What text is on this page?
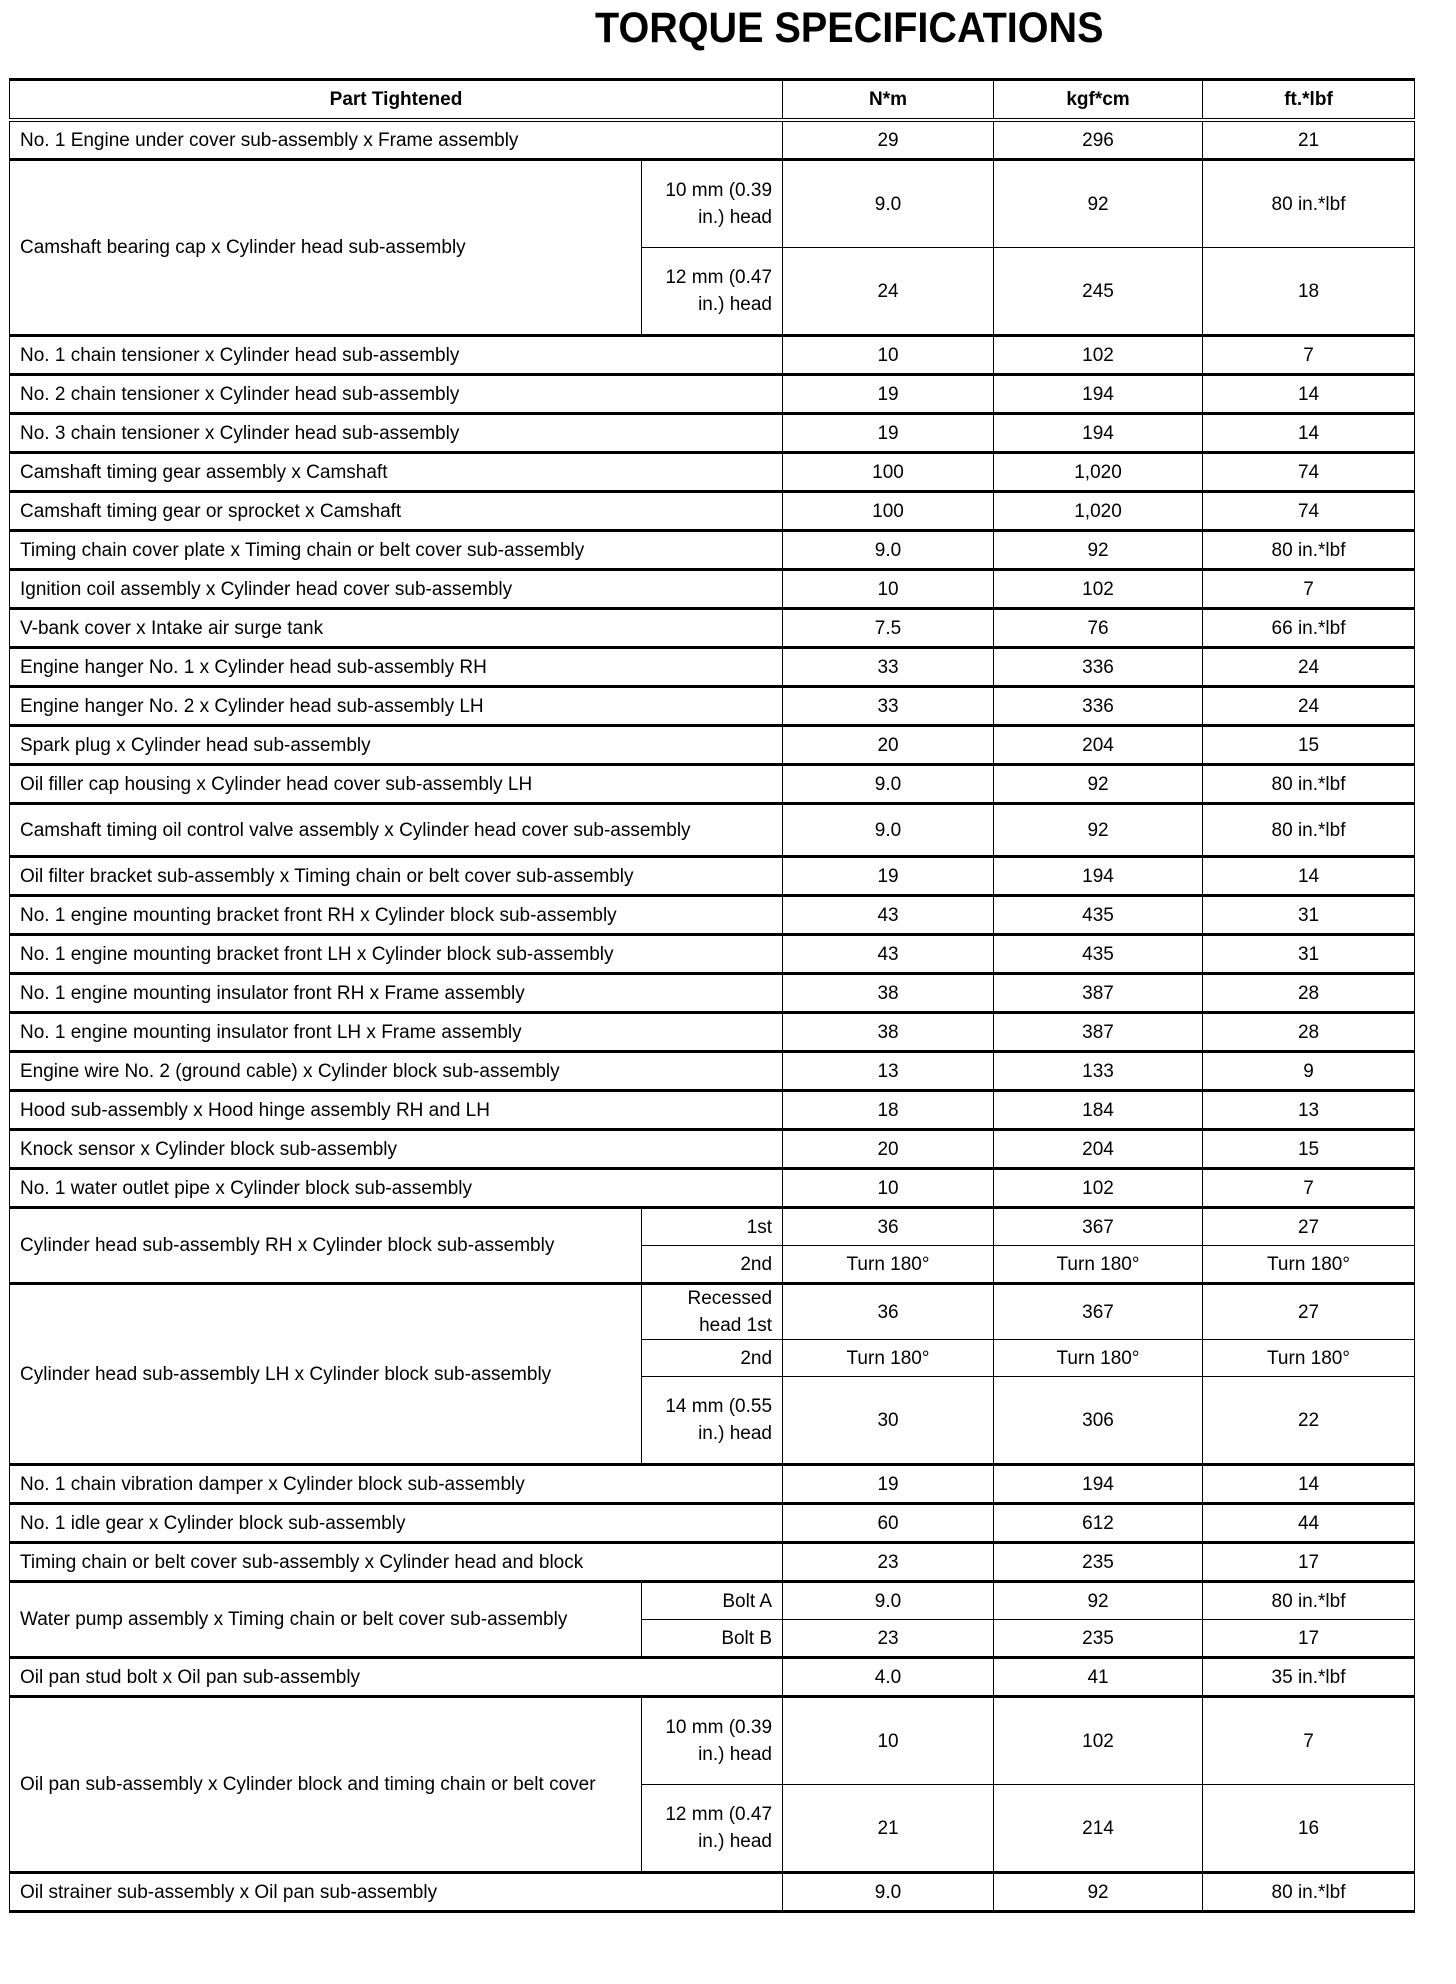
TORQUE SPECIFICATIONS
Part Tightened		N*m	kgf*cm	ft.*lbf
No. 1 Engine under cover sub-assembly x Frame assembly		29	296	21
Camshaft bearing cap x Cylinder head sub-assembly	10 mm (0.39 in.) head	9.0	92	80 in.*lbf
	12 mm (0.47 in.) head	24	245	18
No. 1 chain tensioner x Cylinder head sub-assembly		10	102	7
No. 2 chain tensioner x Cylinder head sub-assembly		19	194	14
No. 3 chain tensioner x Cylinder head sub-assembly		19	194	14
Camshaft timing gear assembly x Camshaft		100	1,020	74
Camshaft timing gear or sprocket x Camshaft		100	1,020	74
Timing chain cover plate x Timing chain or belt cover sub-assembly		9.0	92	80 in.*lbf
Ignition coil assembly x Cylinder head cover sub-assembly		10	102	7
V-bank cover x Intake air surge tank		7.5	76	66 in.*lbf
Engine hanger No. 1 x Cylinder head sub-assembly RH		33	336	24
Engine hanger No. 2 x Cylinder head sub-assembly LH		33	336	24
Spark plug x Cylinder head sub-assembly		20	204	15
Oil filler cap housing x Cylinder head cover sub-assembly LH		9.0	92	80 in.*lbf
Camshaft timing oil control valve assembly x Cylinder head cover sub-assembly		9.0	92	80 in.*lbf
Oil filter bracket sub-assembly x Timing chain or belt cover sub-assembly		19	194	14
No. 1 engine mounting bracket front RH x Cylinder block sub-assembly		43	435	31
No. 1 engine mounting bracket front LH x Cylinder block sub-assembly		43	435	31
No. 1 engine mounting insulator front RH x Frame assembly		38	387	28
No. 1 engine mounting insulator front LH x Frame assembly		38	387	28
Engine wire No. 2 (ground cable) x Cylinder block sub-assembly		13	133	9
Hood sub-assembly x Hood hinge assembly RH and LH		18	184	13
Knock sensor x Cylinder block sub-assembly		20	204	15
No. 1 water outlet pipe x Cylinder block sub-assembly		10	102	7
Cylinder head sub-assembly RH x Cylinder block sub-assembly	1st	36	367	27
	2nd	Turn 180°	Turn 180°	Turn 180°
Cylinder head sub-assembly LH x Cylinder block sub-assembly	Recessed head 1st	36	367	27
	2nd	Turn 180°	Turn 180°	Turn 180°
	14 mm (0.55 in.) head	30	306	22
No. 1 chain vibration damper x Cylinder block sub-assembly		19	194	14
No. 1 idle gear x Cylinder block sub-assembly		60	612	44
Timing chain or belt cover sub-assembly x Cylinder head and block		23	235	17
Water pump assembly x Timing chain or belt cover sub-assembly	Bolt A	9.0	92	80 in.*lbf
	Bolt B	23	235	17
Oil pan stud bolt x Oil pan sub-assembly		4.0	41	35 in.*lbf
Oil pan sub-assembly x Cylinder block and timing chain or belt cover	10 mm (0.39 in.) head	10	102	7
	12 mm (0.47 in.) head	21	214	16
Oil strainer sub-assembly x Oil pan sub-assembly		9.0	92	80 in.*lbf
